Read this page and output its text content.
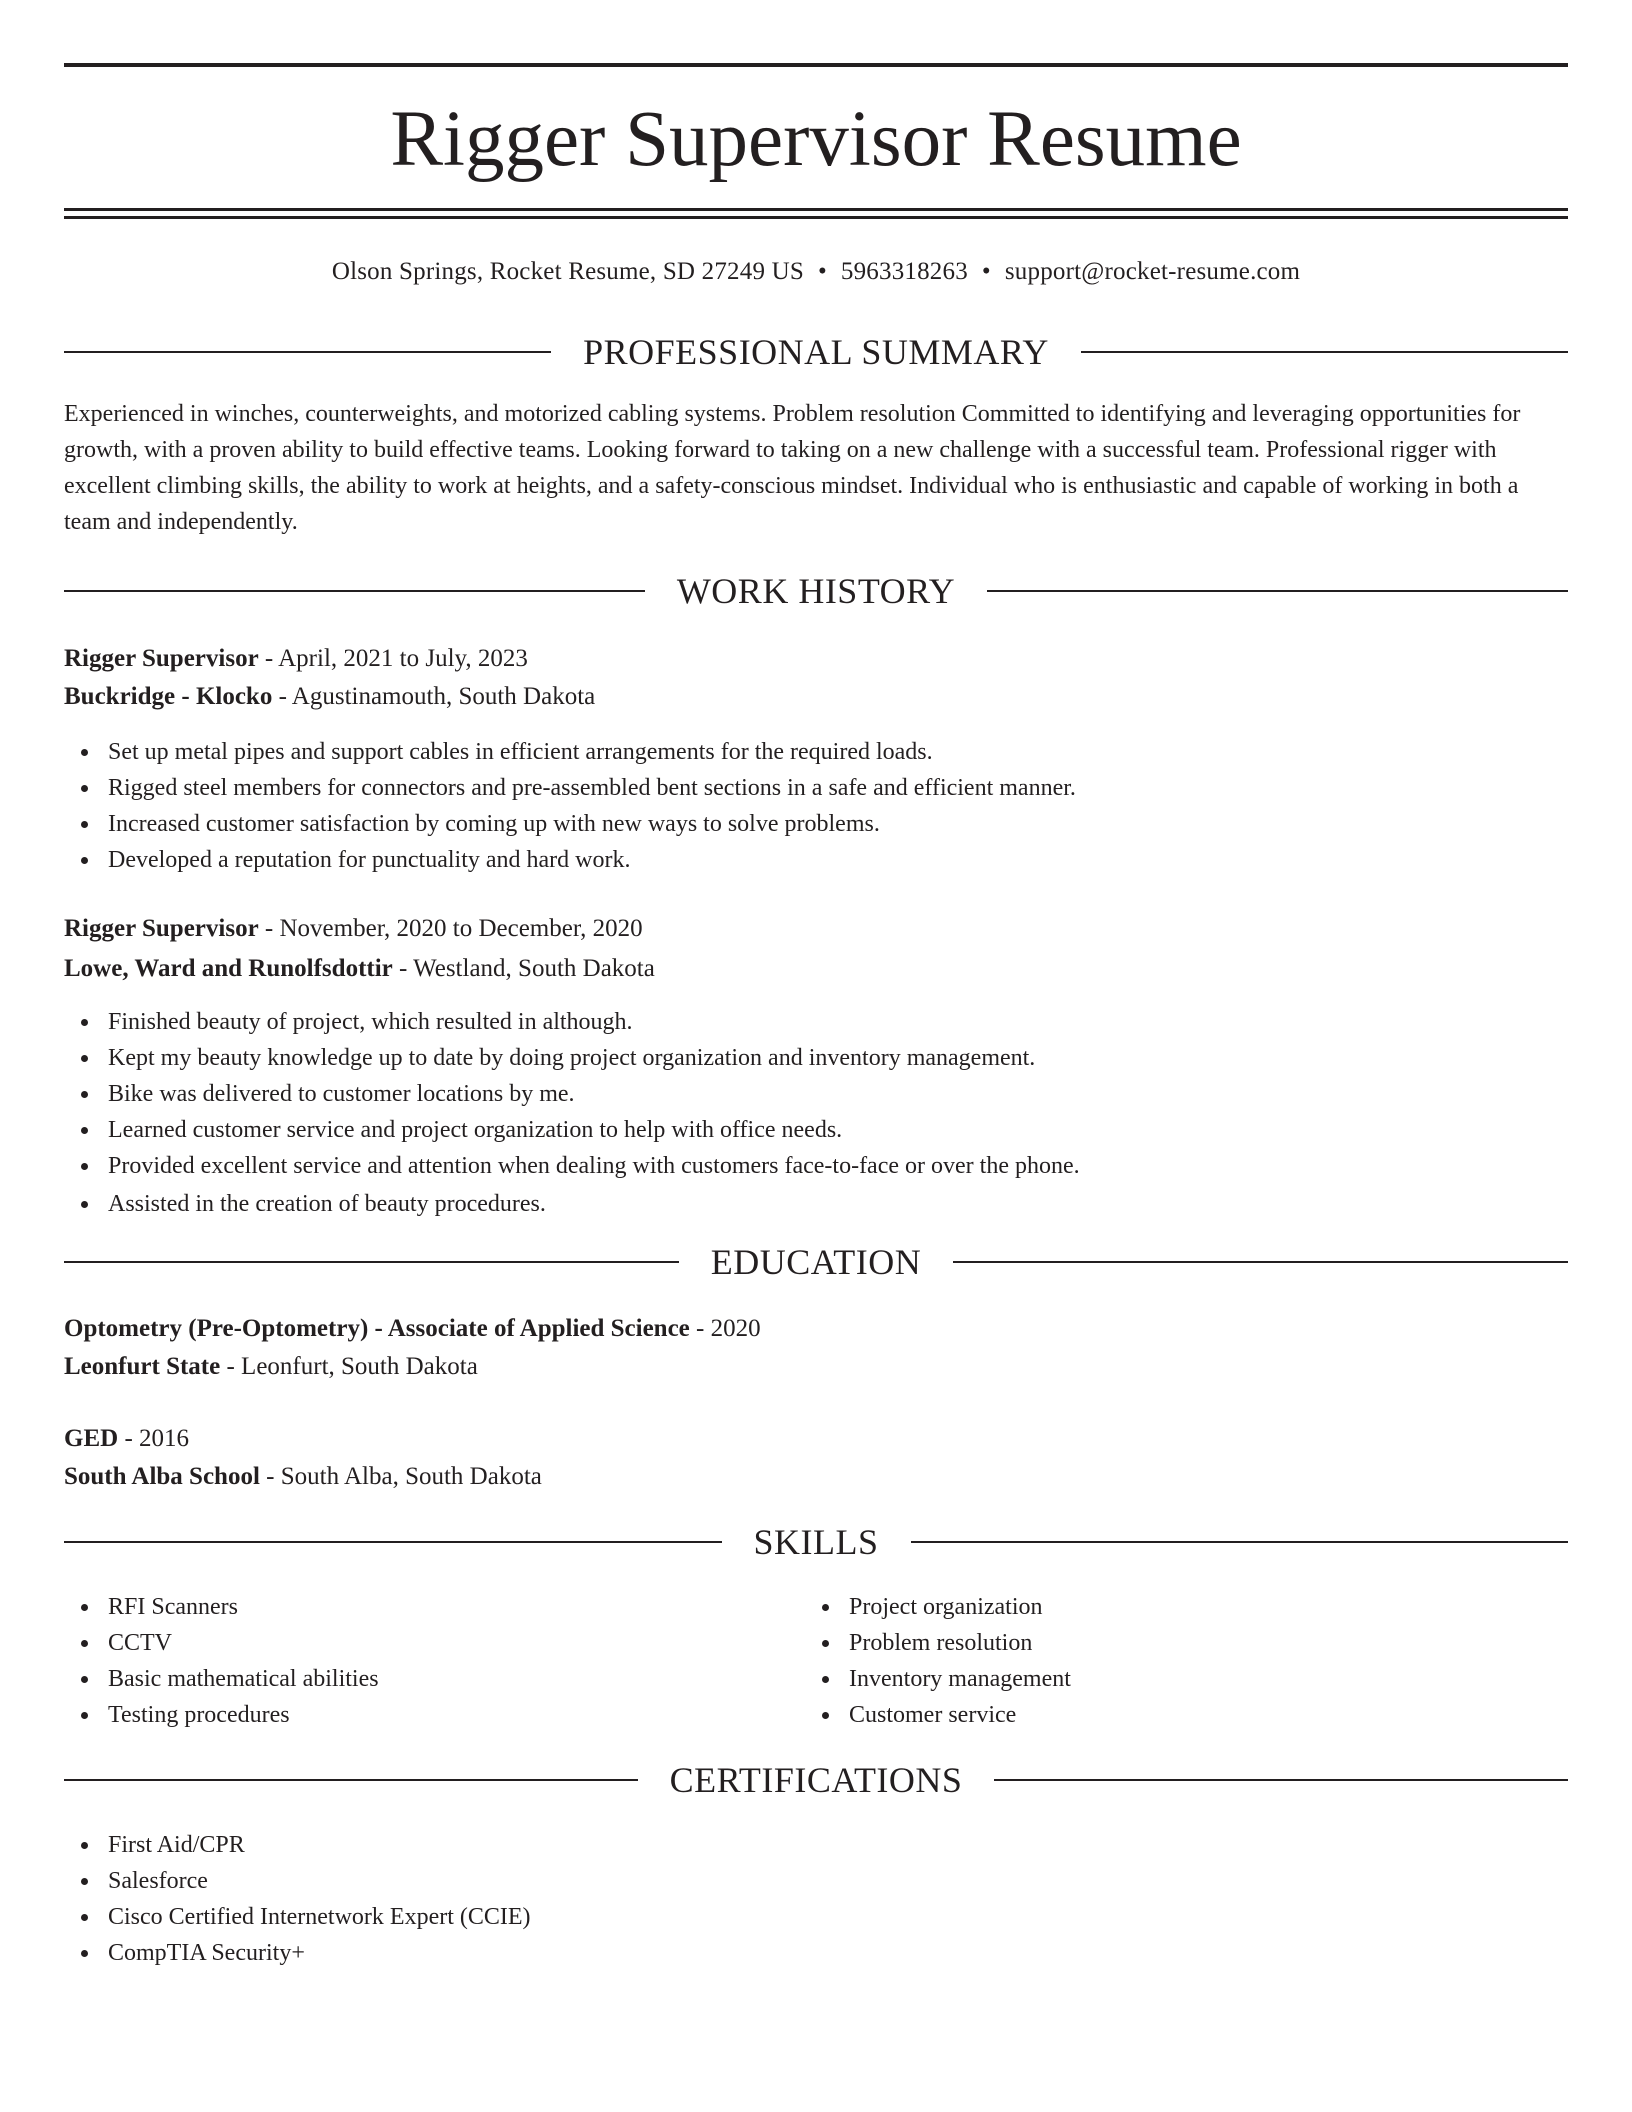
Rigger Supervisor Resume
Olson Springs, Rocket Resume, SD 27249 US • 5963318263 • support@rocket-resume.com
PROFESSIONAL SUMMARY

Experienced in winches, counterweights, and motorized cabling systems. Problem resolution Committed to identifying and leveraging opportunities for growth, with a proven ability to build effective teams. Looking forward to taking on a new challenge with a successful team. Professional rigger with excellent climbing skills, the ability to work at heights, and a safety-conscious mindset. Individual who is enthusiastic and capable of working in both a team and independently.

WORK HISTORY
Rigger Supervisor - April, 2021 to July, 2023
Buckridge - Klocko - Agustinamouth, South Dakota
Set up metal pipes and support cables in efficient arrangements for the required loads.
Rigged steel members for connectors and pre-assembled bent sections in a safe and efficient manner.
Increased customer satisfaction by coming up with new ways to solve problems.
Developed a reputation for punctuality and hard work.
Rigger Supervisor - November, 2020 to December, 2020
Lowe, Ward and Runolfsdottir - Westland, South Dakota
Finished beauty of project, which resulted in although.
Kept my beauty knowledge up to date by doing project organization and inventory management.
Bike was delivered to customer locations by me.
Learned customer service and project organization to help with office needs.
Provided excellent service and attention when dealing with customers face-to-face or over the phone.
Assisted in the creation of beauty procedures.
EDUCATION
Optometry (Pre-Optometry) - Associate of Applied Science - 2020
Leonfurt State - Leonfurt, South Dakota
GED - 2016
South Alba School - South Alba, South Dakota
SKILLS
RFI Scanners
CCTV
Basic mathematical abilities
Testing procedures
Project organization
Problem resolution
Inventory management
Customer service
CERTIFICATIONS
First Aid/CPR
Salesforce
Cisco Certified Internetwork Expert (CCIE)
CompTIA Security+
